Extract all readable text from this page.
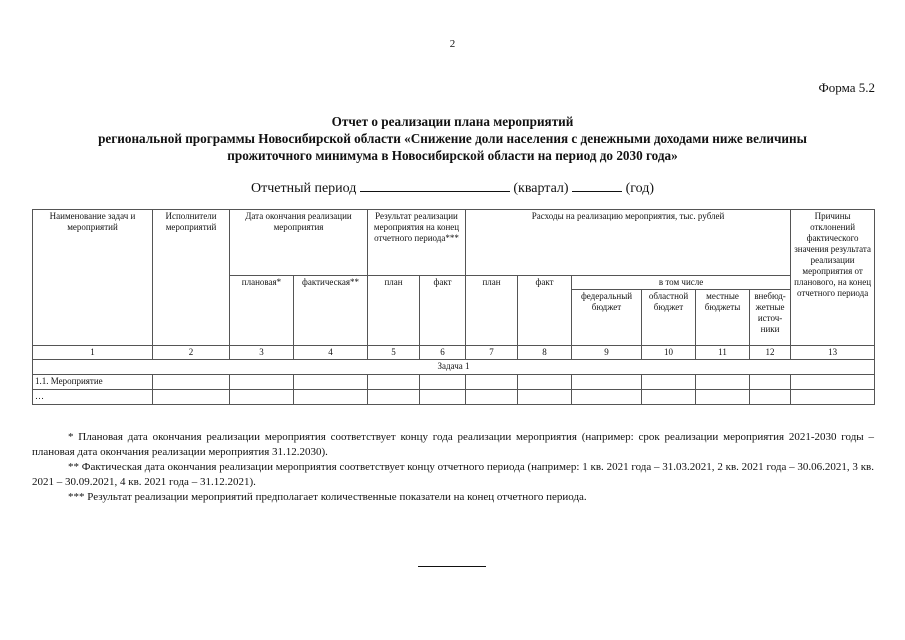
2
Форма 5.2
Отчет о реализации плана мероприятий
региональной программы Новосибирской области «Снижение доли населения с денежными доходами ниже величины
прожиточного минимума в Новосибирской области на период до 2030 года»
Отчетный период	(квартал)	(год)
Наименование задач и мероприятий	Исполнители мероприятий	Дата окончания реализации мероприятия		Результат реализации мероприятия на конец отчетного периода***		Расходы на реализацию мероприятия, тыс. рублей						Причины отклонений фактического значения результата реализации мероприятия от планового, на конец отчетного периода
		плановая*	фактическая**	план	факт	план	факт	в том числе				
								федеральный бюджет	областной бюджет	местные бюджеты	внебюд-жетные источ-ники	
1	2	3	4	5	6	7	8	9	10	11	12	13
Задача 1												
1.1. Мероприятие												
…												

* Плановая дата окончания реализации мероприятия соответствует концу года реализации мероприятия (например: срок реализации мероприятия 2021-2030 годы – плановая дата окончания реализации мероприятия 31.12.2030).

** Фактическая дата окончания реализации мероприятия соответствует концу отчетного периода (например: 1 кв. 2021 года – 31.03.2021, 2 кв. 2021 года – 30.06.2021, 3 кв. 2021 – 30.09.2021, 4 кв. 2021 года – 31.12.2021).

*** Результат реализации мероприятий предполагает количественные показатели на конец отчетного периода.
